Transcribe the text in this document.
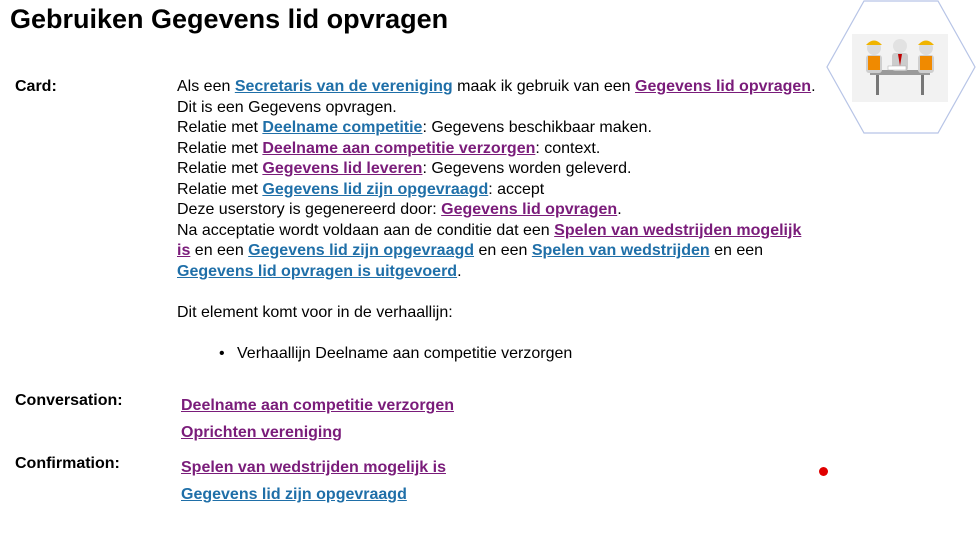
Gebruiken Gegevens lid opvragen
Card:	Als een Secretaris van de vereniging maak ik gebruik van een Gegevens lid opvragen.

Dit is een Gegevens opvragen.

Relatie met Deelname competitie: Gegevens beschikbaar maken.

Relatie met Deelname aan competitie verzorgen: context.

Relatie met Gegevens lid leveren: Gegevens worden geleverd.

Relatie met Gegevens lid zijn opgevraagd: accept

Deze userstory is gegenereerd door: Gegevens lid opvragen.

Na acceptatie wordt voldaan aan de conditie dat een Spelen van wedstrijden mogelijk is en een Gegevens lid zijn opgevraagd en een Spelen van wedstrijden en een Gegevens lid opvragen is uitgevoerd.

Dit element komt voor in de verhaallijn:

• Verhaallijn Deelname aan competitie verzorgen
Conversation:	Deelname aan competitie verzorgen
Oprichten vereniging
Confirmation:	Spelen van wedstrijden mogelijk is
Gegevens lid zijn opgevraagd
